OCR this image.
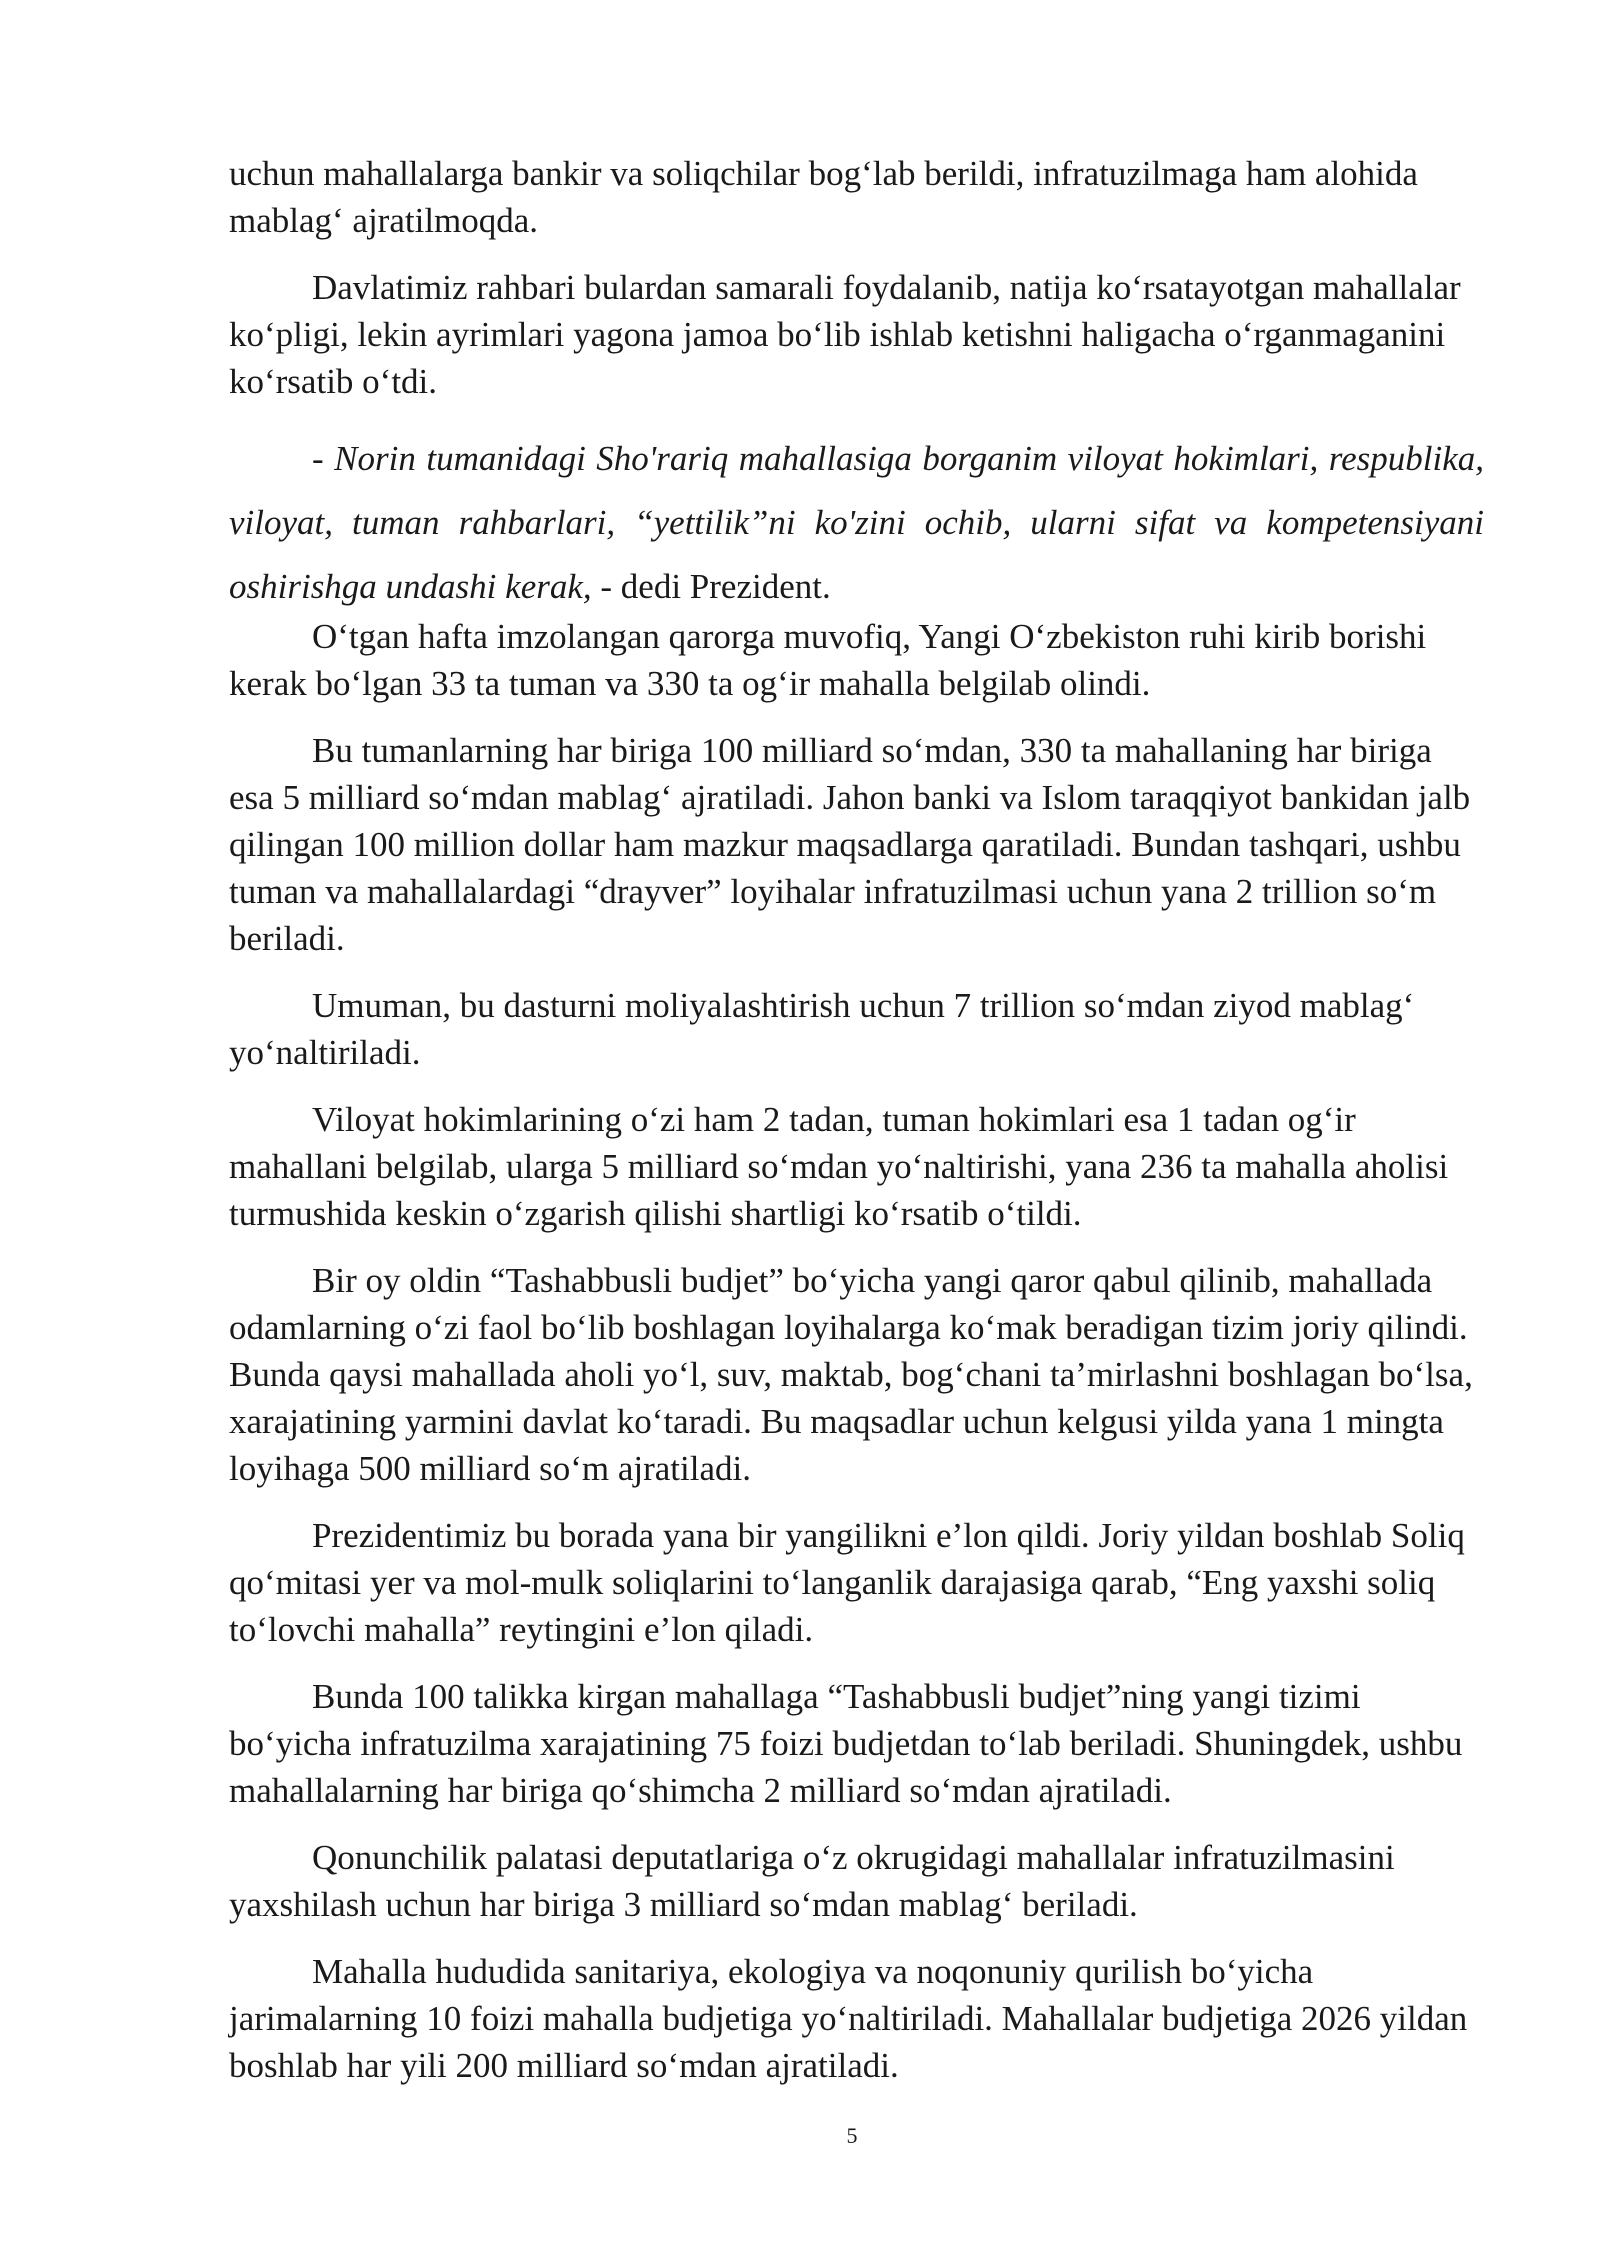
uchun mahallalarga bankir va soliqchilar bog‘lab berildi, infratuzilmaga ham alohida mablag‘ ajratilmoqda.

Davlatimiz rahbari bulardan samarali foydalanib, natija ko‘rsatayotgan mahallalar ko‘pligi, lekin ayrimlari yagona jamoa bo‘lib ishlab ketishni haligacha o‘rganmaganini ko‘rsatib o‘tdi.

- Norin tumanidagi Sho'rariq mahallasiga borganim viloyat hokimlari, respublika, viloyat, tuman rahbarlari, “yettilik”ni ko'zini ochib, ularni sifat va kompetensiyani oshirishga undashi kerak, - dedi Prezident.

O‘tgan hafta imzolangan qarorga muvofiq, Yangi O‘zbekiston ruhi kirib borishi kerak bo‘lgan 33 ta tuman va 330 ta og‘ir mahalla belgilab olindi.

Bu tumanlarning har biriga 100 milliard so‘mdan, 330 ta mahallaning har biriga esa 5 milliard so‘mdan mablag‘ ajratiladi. Jahon banki va Islom taraqqiyot bankidan jalb qilingan 100 million dollar ham mazkur maqsadlarga qaratiladi. Bundan tashqari, ushbu tuman va mahallalardagi “drayver” loyihalar infratuzilmasi uchun yana 2 trillion so‘m beriladi.

Umuman, bu dasturni moliyalashtirish uchun 7 trillion so‘mdan ziyod mablag‘ yo‘naltiriladi.

Viloyat hokimlarining o‘zi ham 2 tadan, tuman hokimlari esa 1 tadan og‘ir mahallani belgilab, ularga 5 milliard so‘mdan yo‘naltirishi, yana 236 ta mahalla aholisi turmushida keskin o‘zgarish qilishi shartligi ko‘rsatib o‘tildi.

Bir oy oldin “Tashabbusli budjet” bo‘yicha yangi qaror qabul qilinib, mahallada odamlarning o‘zi faol bo‘lib boshlagan loyihalarga ko‘mak beradigan tizim joriy qilindi. Bunda qaysi mahallada aholi yo‘l, suv, maktab, bog‘chani ta’mirlashni boshlagan bo‘lsa, xarajatining yarmini davlat ko‘taradi. Bu maqsadlar uchun kelgusi yilda yana 1 mingta loyihaga 500 milliard so‘m ajratiladi.

Prezidentimiz bu borada yana bir yangilikni e’lon qildi. Joriy yildan boshlab Soliq qo‘mitasi yer va mol-mulk soliqlarini to‘langanlik darajasiga qarab, “Eng yaxshi soliq to‘lovchi mahalla” reytingini e’lon qiladi.

Bunda 100 talikka kirgan mahallaga “Tashabbusli budjet”ning yangi tizimi bo‘yicha infratuzilma xarajatining 75 foizi budjetdan to‘lab beriladi. Shuningdek, ushbu mahallalarning har biriga qo‘shimcha 2 milliard so‘mdan ajratiladi.

Qonunchilik palatasi deputatlariga o‘z okrugidagi mahallalar infratuzilmasini yaxshilash uchun har biriga 3 milliard so‘mdan mablag‘ beriladi.

Mahalla hududida sanitariya, ekologiya va noqonuniy qurilish bo‘yicha jarimalarning 10 foizi mahalla budjetiga yo‘naltiriladi. Mahallalar budjetiga 2026 yildan boshlab har yili 200 milliard so‘mdan ajratiladi.

5
